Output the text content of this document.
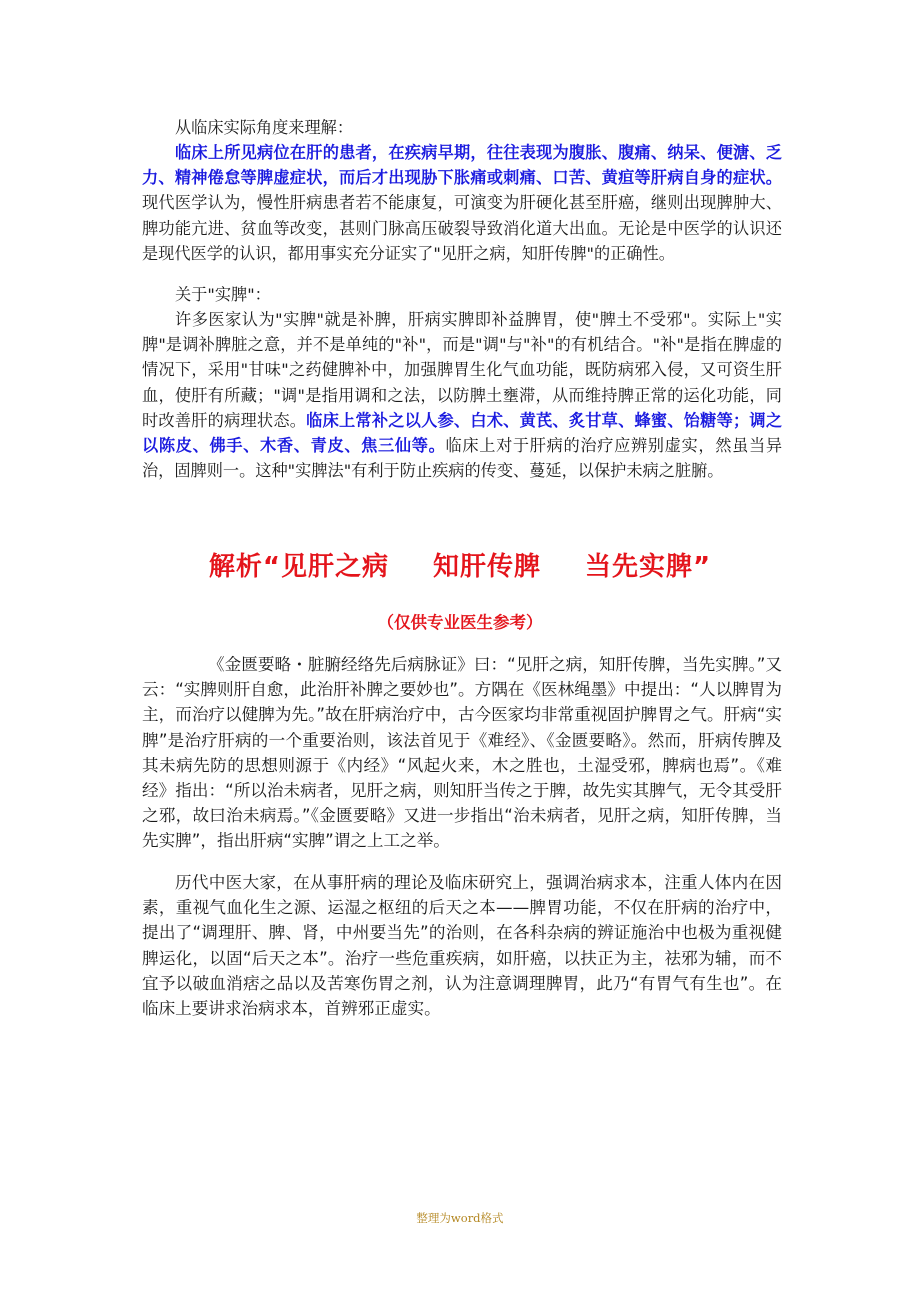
从临床实际角度来理解：

临床上所见病位在肝的患者，在疾病早期，往往表现为腹胀、腹痛、纳呆、便溏、乏力、精神倦怠等脾虚症状，而后才出现胁下胀痛或刺痛、口苦、黄疸等肝病自身的症状。现代医学认为，慢性肝病患者若不能康复，可演变为肝硬化甚至肝癌，继则出现脾肿大、脾功能亢进、贫血等改变，甚则门脉高压破裂导致消化道大出血。无论是中医学的认识还是现代医学的认识，都用事实充分证实了"见肝之病，知肝传脾"的正确性。

关于"实脾"：

许多医家认为"实脾"就是补脾，肝病实脾即补益脾胃，使"脾土不受邪"。实际上"实脾"是调补脾脏之意，并不是单纯的"补"，而是"调"与"补"的有机结合。"补"是指在脾虚的情况下，采用"甘味"之药健脾补中，加强脾胃生化气血功能，既防病邪入侵，又可资生肝血，使肝有所藏；"调"是指用调和之法，以防脾土壅滞，从而维持脾正常的运化功能，同时改善肝的病理状态。临床上常补之以人参、白术、黄芪、炙甘草、蜂蜜、饴糖等；调之以陈皮、佛手、木香、青皮、焦三仙等。临床上对于肝病的治疗应辨别虚实，然虽当异治，固脾则一。这种"实脾法"有利于防止疾病的传变、蔓延，以保护未病之脏腑。

解析“见肝之病 知肝传脾 当先实脾”

（仅供专业医生参考）

《金匮要略・脏腑经络先后病脉证》曰：“见肝之病，知肝传脾，当先实脾。”又云：“实脾则肝自愈，此治肝补脾之要妙也”。方隅在《医林绳墨》中提出：“人以脾胃为主，而治疗以健脾为先。”故在肝病治疗中，古今医家均非常重视固护脾胃之气。肝病“实脾”是治疗肝病的一个重要治则，该法首见于《难经》、《金匮要略》。然而，肝病传脾及其未病先防的思想则源于《内经》“风起火来，木之胜也，土湿受邪，脾病也焉”。《难经》指出：“所以治未病者，见肝之病，则知肝当传之于脾，故先实其脾气，无令其受肝之邪，故曰治未病焉。”《金匮要略》又进一步指出“治未病者，见肝之病，知肝传脾，当先实脾”，指出肝病“实脾”谓之上工之举。

历代中医大家，在从事肝病的理论及临床研究上，强调治病求本，注重人体内在因素，重视气血化生之源、运湿之枢纽的后天之本——脾胃功能，不仅在肝病的治疗中，提出了“调理肝、脾、肾，中州要当先”的治则，在各科杂病的辨证施治中也极为重视健脾运化，以固“后天之本”。治疗一些危重疾病，如肝癌，以扶正为主，祛邪为辅，而不宜予以破血消痞之品以及苦寒伤胃之剂，认为注意调理脾胃，此乃“有胃气有生也”。在临床上要讲求治病求本，首辨邪正虚实。

整理为word格式
